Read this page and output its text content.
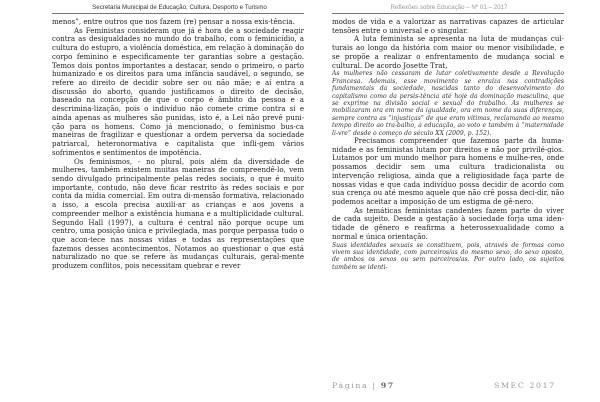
Secretaria Municipal de Educação, Cultura, Desporto e Turismo	Reflexões sobre Educação – Nº 01 – 2017

menos”, entre outros que nos fazem (re) pensar a nossa exis-tência.

As Feministas consideram que já é hora de a sociedade reagir contra as desigualdades no mundo do trabalho, com o feminicídio, a cultura do estupro, a violência doméstica, em relação à dominação do corpo feminino e especificamente ter garantias sobre a gestação. Temos dois pontos importantes a destacar, sendo o primeiro, o parto humanizado e os direitos para uma infância saudável, o segundo, se refere ao direito de decidir sobre ser ou não mãe; e aí entra a discussão do aborto, quando justificamos o direito de decisão, baseado na concepção de que o corpo é âmbito da pessoa e a descrimina-lização, pois o indivíduo não comete crime contra si e ainda apenas as mulheres são punidas, isto é, a Lei não prevê puni-ção para os homens. Como já mencionado, o feminismo bus-ca maneiras de fragilizar e questionar a ordem perversa da sociedade patriarcal, heteronormativa e capitalista que infli-gem vários sofrimentos e sentimentos de impotência.

Os feminismos, - no plural, pois além da diversidade de mulheres, também existem muitas maneiras de compreendê-lo, vem sendo divulgado principalmente pelas redes sociais, o que é muito importante, contudo, não deve ficar restrito às redes sociais e por conta da mídia comercial. Em outra di-mensão formativa, relacionado a isso, a escola precisa auxili-ar as crianças e aos jovens a compreender melhor a existência humana e a multiplicidade cultural. Segundo Hall (1997), a cultura é central não porque ocupe um centro, uma posição única e privilegiada, mas porque perpassa tudo o que acon-tece nas nossas vidas e todas as representações que fazemos desses acontecimentos. Notamos ao questionar o que está naturalizado no que se refere às mudanças culturais, geral-mente produzem conflitos, pois necessitam quebrar e rever

modos de vida e a valorizar as narrativas capazes de articular tensões entre o universal e o singular.

A luta feminista se apresenta na luta de mudanças cul-turais ao longo da história com maior ou menor visibilidade, e se propõe a realizar o enfrentamento de mudança social e cultural. De acordo Josette Trat,

As mulheres não cessaram de lutar coletivamente desde a Revolução Francesa. Ademais, esse movimento se enraíza nas contradições fundamentais da sociedade, nascidas tanto do desenvolvimento do capitalismo como da persis-tência até hoje da dominação masculina, que se exprime na divisão social e sexual do trabalho. As mulheres se mobilizaram ora em nome da igualdade, ora em nome da suas diferenças, sempre contra as “injustiças” de que eram vítimas, reclamando ao mesmo tempo direito ao tra-balho, à educação, ao voto e também à “maternidade li-vre” desde o começo do século XX (2009, p. 152).

Precisamos compreender que fazemos parte da huma-nidade e as feministas lutam por direitos e não por privilé-gios. Lutamos por um mundo melhor para homens e mulhe-res, onde possamos decidir sem uma cultura tradicionalista ou intervenção religiosa, ainda que a religiosidade faça parte de nossas vidas e que cada indivíduo possa decidir de acordo com sua crença ou até mesmo aquele que não crê possa deci-dir, não podemos aceitar a imposição de um estigma de gê-nero.

As temáticas feministas candentes fazem parte do viver de cada sujeito. Desde a gestação à sociedade forja uma iden-tidade de gênero e reafirma a heterossexualidade como a normal e única orientação.

Suas identidades sexuais se constituem, pois, através de formas como vivem sua identidade, com parceiros/as do mesmo sexo, do sexo oposto, de ambos os sexos ou sem parceiros/as. Por outro lado, os sujeitos também se identi-

Página | 97	SMEC 2017
